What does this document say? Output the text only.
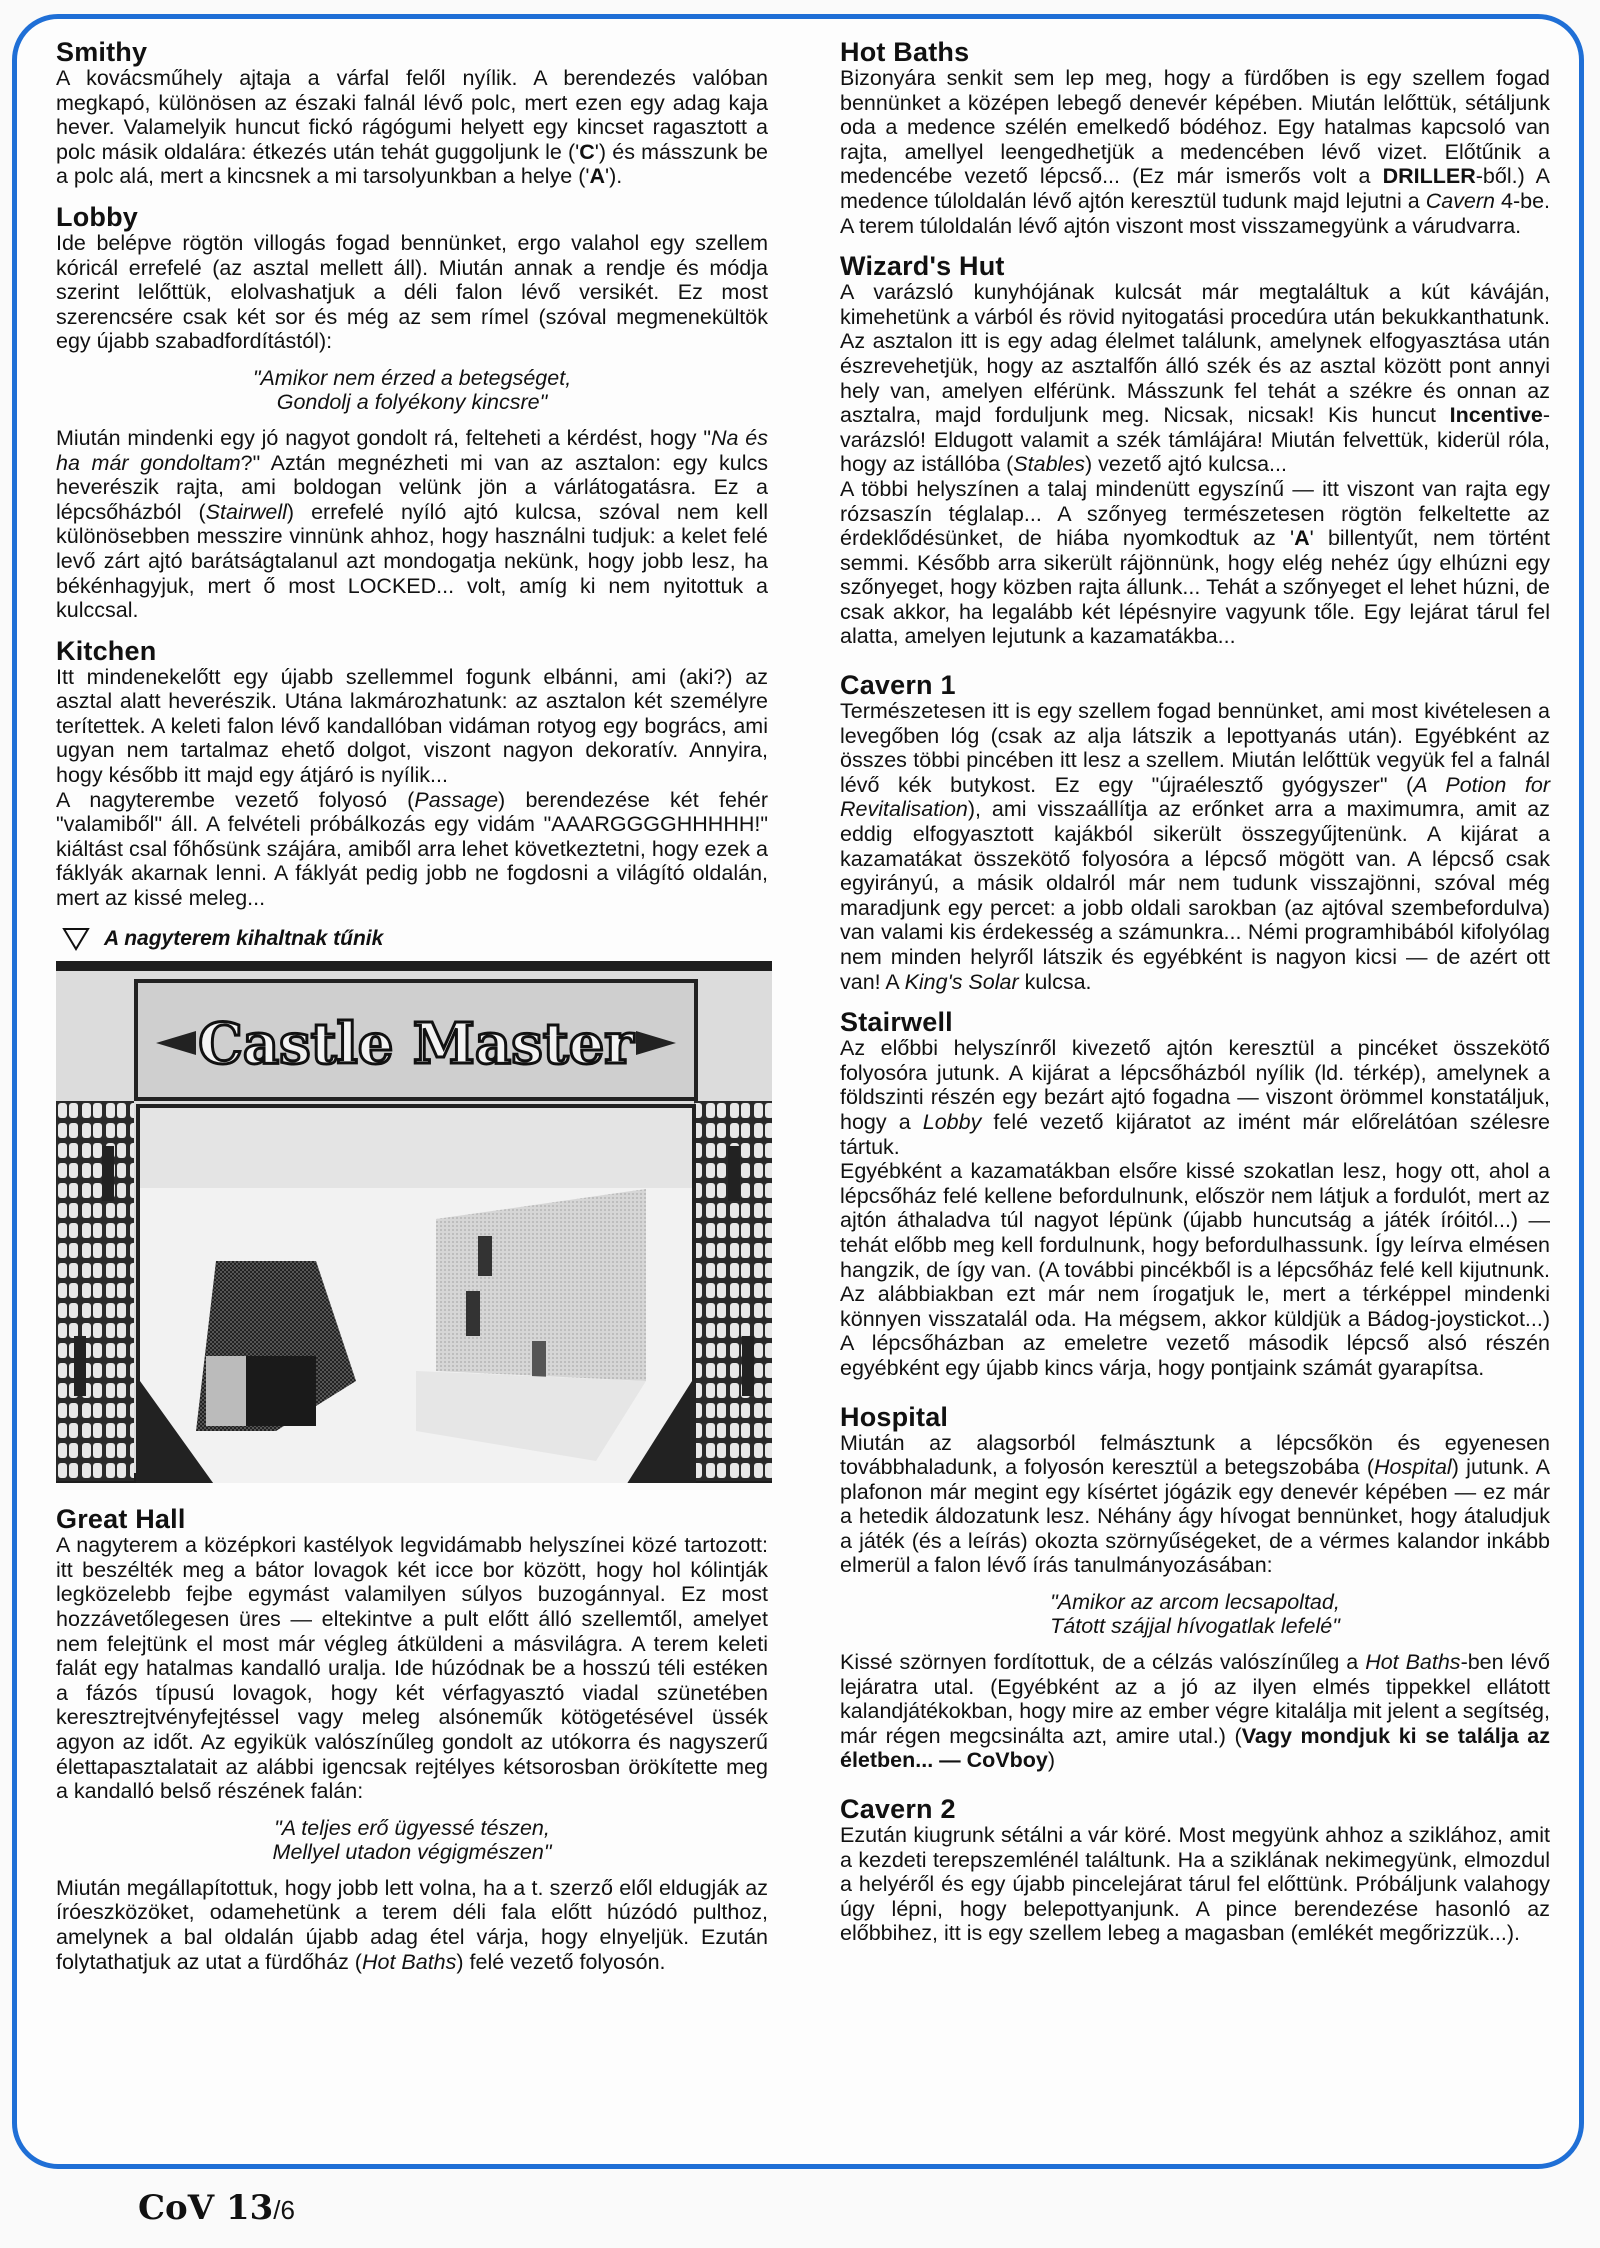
Smithy

A kovácsműhely ajtaja a várfal felől nyílik. A berendezés valóban megkapó, különösen az északi falnál lévő polc, mert ezen egy adag kaja hever. Valamelyik huncut fickó rágógumi helyett egy kincset ragasztott a polc másik oldalára: étkezés után tehát guggoljunk le ('C') és másszunk be a polc alá, mert a kincsnek a mi tarsolyunkban a helye ('A').

Lobby

Ide belépve rögtön villogás fogad bennünket, ergo valahol egy szellem kóricál errefelé (az asztal mellett áll). Miután annak a rendje és módja szerint lelőttük, elolvashatjuk a déli falon lévő versikét. Ez most szerencsére csak két sor és még az sem rímel (szóval megmenekültök egy újabb szabadfordítástól):

"Amikor nem érzed a betegséget,
Gondolj a folyékony kincsre"

Miután mindenki egy jó nagyot gondolt rá, felteheti a kérdést, hogy "Na és ha már gondoltam?" Aztán megnézheti mi van az asztalon: egy kulcs heverészik rajta, ami boldogan velünk jön a várlátogatásra. Ez a lépcsőházból (Stairwell) errefelé nyíló ajtó kulcsa, szóval nem kell különösebben messzire vinnünk ahhoz, hogy használni tudjuk: a kelet felé levő zárt ajtó barátságtalanul azt mondogatja nekünk, hogy jobb lesz, ha békénhagyjuk, mert ő most LOCKED... volt, amíg ki nem nyitottuk a kulccsal.

Kitchen

Itt mindenekelőtt egy újabb szellemmel fogunk elbánni, ami (aki?) az asztal alatt heverészik. Utána lakmározhatunk: az asztalon két személyre terítettek. A keleti falon lévő kandallóban vidáman rotyog egy bogrács, ami ugyan nem tartalmaz ehető dolgot, viszont nagyon dekoratív. Annyira, hogy később itt majd egy átjáró is nyílik...

A nagyterembe vezető folyosó (Passage) berendezése két fehér "valamiből" áll. A felvételi próbálkozás egy vidám "AAARGGGGHHHHH!" kiáltást csal főhősünk szájára, amiből arra lehet következtetni, hogy ezek a fáklyák akarnak lenni. A fáklyát pedig jobb ne fogdosni a világító oldalán, mert az kissé meleg...

A nagyterem kihaltnak tűnik
Castle Master
Great Hall

A nagyterem a középkori kastélyok legvidámabb helyszínei közé tartozott: itt beszélték meg a bátor lovagok két icce bor között, hogy hol kólintják legközelebb fejbe egymást valamilyen súlyos buzogánnyal. Ez most hozzávetőlegesen üres — eltekintve a pult előtt álló szellemtől, amelyet nem felejtünk el most már végleg átküldeni a másvilágra. A terem keleti falát egy hatalmas kandalló uralja. Ide húzódnak be a hosszú téli estéken a fázós típusú lovagok, hogy két vérfagyasztó viadal szünetében keresztrejtvényfejtéssel vagy meleg alsóneműk kötögetésével üssék agyon az időt. Az egyikük valószínűleg gondolt az utókorra és nagyszerű élettapasztalatait az alábbi igencsak rejtélyes kétsorosban örökítette meg a kandalló belső részének falán:

"A teljes erő ügyessé tészen,
Mellyel utadon végigmészen"

Miután megállapítottuk, hogy jobb lett volna, ha a t. szerző elől eldugják az íróeszközöket, odamehetünk a terem déli fala előtt húzódó pulthoz, amelynek a bal oldalán újabb adag étel várja, hogy elnyeljük. Ezután folytathatjuk az utat a fürdőház (Hot Baths) felé vezető folyosón.

Hot Baths

Bizonyára senkit sem lep meg, hogy a fürdőben is egy szellem fogad bennünket a középen lebegő denevér képében. Miután lelőttük, sétáljunk oda a medence szélén emelkedő bódéhoz. Egy hatalmas kapcsoló van rajta, amellyel leengedhetjük a medencében lévő vizet. Előtűnik a medencébe vezető lépcső... (Ez már ismerős volt a DRILLER-ből.) A medence túloldalán lévő ajtón keresztül tudunk majd lejutni a Cavern 4-be. A terem túloldalán lévő ajtón viszont most visszamegyünk a várudvarra.

Wizard's Hut

A varázsló kunyhójának kulcsát már megtaláltuk a kút káváján, kimehetünk a várból és rövid nyitogatási procedúra után bekukkanthatunk. Az asztalon itt is egy adag élelmet találunk, amelynek elfogyasztása után észrevehetjük, hogy az asztalfőn álló szék és az asztal között pont annyi hely van, amelyen elférünk. Másszunk fel tehát a székre és onnan az asztalra, majd forduljunk meg. Nicsak, nicsak! Kis huncut Incentive-varázsló! Eldugott valamit a szék támlájára! Miután felvettük, kiderül róla, hogy az istállóba (Stables) vezető ajtó kulcsa...

A többi helyszínen a talaj mindenütt egyszínű — itt viszont van rajta egy rózsaszín téglalap... A szőnyeg természetesen rögtön felkeltette az érdeklődésünket, de hiába nyomkodtuk az 'A' billentyűt, nem történt semmi. Később arra sikerült rájönnünk, hogy elég nehéz úgy elhúzni egy szőnyeget, hogy közben rajta állunk... Tehát a szőnyeget el lehet húzni, de csak akkor, ha legalább két lépésnyire vagyunk tőle. Egy lejárat tárul fel alatta, amelyen lejutunk a kazamatákba...

Cavern 1

Természetesen itt is egy szellem fogad bennünket, ami most kivételesen a levegőben lóg (csak az alja látszik a lepottyanás után). Egyébként az összes többi pincében itt lesz a szellem. Miután lelőttük vegyük fel a falnál lévő kék butykost. Ez egy "újraélesztő gyógyszer" (A Potion for Revitalisation), ami visszaállítja az erőnket arra a maximumra, amit az eddig elfogyasztott kajákból sikerült összegyűjtenünk. A kijárat a kazamatákat összekötő folyosóra a lépcső mögött van. A lépcső csak egyirányú, a másik oldalról már nem tudunk visszajönni, szóval még maradjunk egy percet: a jobb oldali sarokban (az ajtóval szembefordulva) van valami kis érdekesség a számunkra... Némi programhibából kifolyólag nem minden helyről látszik és egyébként is nagyon kicsi — de azért ott van! A King's Solar kulcsa.

Stairwell

Az előbbi helyszínről kivezető ajtón keresztül a pincéket összekötő folyosóra jutunk. A kijárat a lépcsőházból nyílik (ld. térkép), amelynek a földszinti részén egy bezárt ajtó fogadna — viszont örömmel konstatáljuk, hogy a Lobby felé vezető kijáratot az imént már előrelátóan szélesre tártuk.

Egyébként a kazamatákban elsőre kissé szokatlan lesz, hogy ott, ahol a lépcsőház felé kellene befordulnunk, először nem látjuk a fordulót, mert az ajtón áthaladva túl nagyot lépünk (újabb huncutság a játék íróitól...) — tehát előbb meg kell fordulnunk, hogy befordulhassunk. Így leírva elmésen hangzik, de így van. (A további pincékből is a lépcsőház felé kell kijutnunk. Az alábbiakban ezt már nem írogatjuk le, mert a térképpel mindenki könnyen visszatalál oda. Ha mégsem, akkor küldjük a Bádog-joystickot...) A lépcsőházban az emeletre vezető második lépcső alsó részén egyébként egy újabb kincs várja, hogy pontjaink számát gyarapítsa.

Hospital

Miután az alagsorból felmásztunk a lépcsőkön és egyenesen továbbhaladunk, a folyosón keresztül a betegszobába (Hospital) jutunk. A plafonon már megint egy kísértet jógázik egy denevér képében — ez már a hetedik áldozatunk lesz. Néhány ágy hívogat bennünket, hogy átaludjuk a játék (és a leírás) okozta szörnyűségeket, de a vérmes kalandor inkább elmerül a falon lévő írás tanulmányozásában:

"Amikor az arcom lecsapoltad,
Tátott szájjal hívogatlak lefelé"

Kissé szörnyen fordítottuk, de a célzás valószínűleg a Hot Baths-ben lévő lejáratra utal. (Egyébként az a jó az ilyen elmés tippekkel ellátott kalandjátékokban, hogy mire az ember végre kitalálja mit jelent a segítség, már régen megcsinálta azt, amire utal.) (Vagy mondjuk ki se találja az életben... — CoVboy)

Cavern 2

Ezután kiugrunk sétálni a vár köré. Most megyünk ahhoz a sziklához, amit a kezdeti terepszemlénél találtunk. Ha a sziklának nekimegyünk, elmozdul a helyéről és egy újabb pincelejárat tárul fel előttünk. Próbáljunk valahogy úgy lépni, hogy belepottyanjunk. A pince berendezése hasonló az előbbihez, itt is egy szellem lebeg a magasban (emlékét megőrizzük...).

CoV 13/6
